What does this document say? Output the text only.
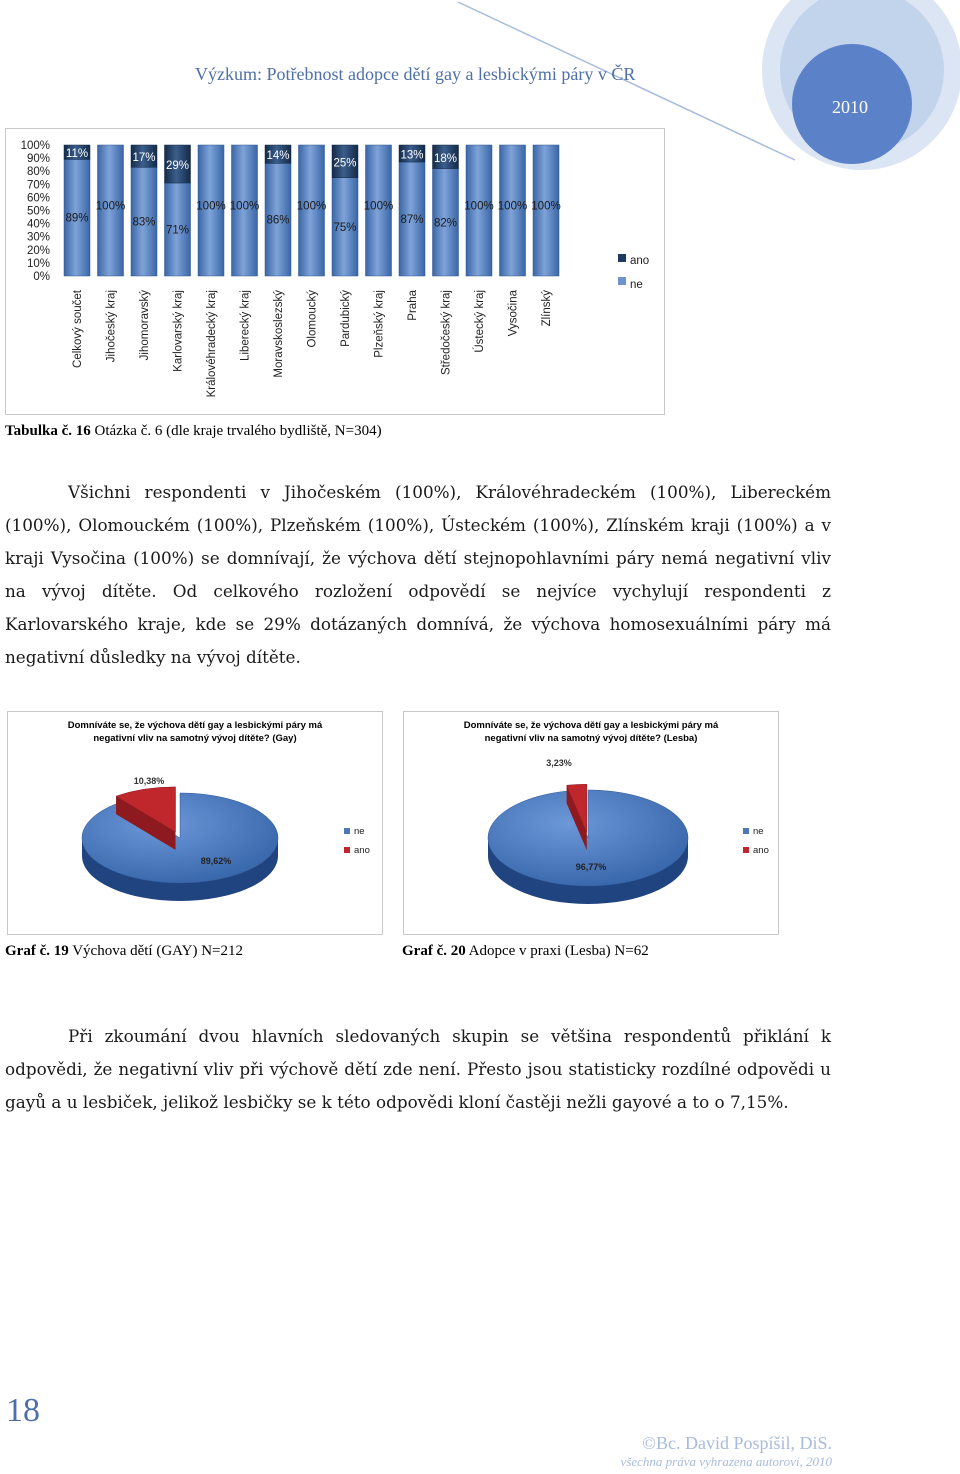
Výzkum: Potřebnost adopce dětí gay a lesbickými páry v ČR
2010
100%
90%
80%
70%
60%
50%
40%
30%
20%
10%
0%
89%
11%
Celkový součet
100%
Jihočeský kraj
83%
17%
Jihomoravský
71%
29%
Karlovarský kraj
100%
Královéhradecký kraj
100%
Liberecký kraj
86%
14%
Moravskoslezský
100%
Olomoucký
75%
25%
Pardubický
100%
Plzeňský kraj
87%
13%
Praha
82%
18%
Středočeský kraj
100%
Ústecký kraj
100%
Vysočina
100%
Zlínský
ano
ne
Tabulka č. 16 Otázka č. 6 (dle kraje trvalého bydliště, N=304)
Všichni respondenti v Jihočeském (100%), Královéhradeckém (100%), Libereckém (100%), Olomouckém (100%), Plzeňském (100%), Ústeckém (100%), Zlínském kraji (100%) a v kraji Vysočina (100%) se domnívají, že výchova dětí stejnopohlavními páry nemá negativní vliv na vývoj dítěte. Od celkového rozložení odpovědí se nejvíce vychylují respondenti z Karlovarského kraje, kde se 29% dotázaných domnívá, že výchova homosexuálními páry má negativní důsledky na vývoj dítěte.
Domníváte se, že výchova dětí gay a lesbickými páry má negativní vliv na samotný vývoj dítěte? (Gay)
Domníváte se, že výchova dětí gay a lesbickými páry má negativní vliv na samotný vývoj dítěte? (Lesba)
10,38%
89,62%
ne
ano
3,23%
96,77%
ne
ano
Graf č. 19 Výchova dětí (GAY) N=212	Graf č. 20 Adopce v praxi (Lesba) N=62
Při zkoumání dvou hlavních sledovaných skupin se většina respondentů přiklání k odpovědi, že negativní vliv při výchově dětí zde není. Přesto jsou statisticky rozdílné odpovědi u gayů a u lesbiček, jelikož lesbičky se k této odpovědi kloní častěji nežli gayové a to o 7,15%.
18
©Bc. David Pospíšil, DiS.
všechna práva vyhrazena autorovi, 2010
